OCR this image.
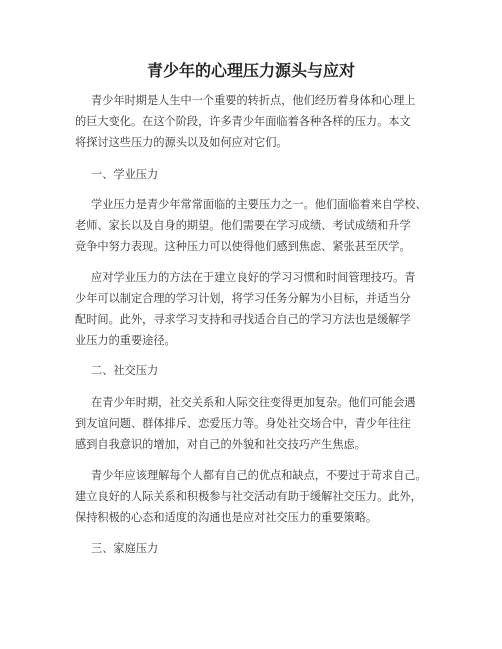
青少年的心理压力源头与应对
青少年时期是人生中一个重要的转折点，他们经历着身体和心理上
的巨大变化。在这个阶段，许多青少年面临着各种各样的压力。本文
将探讨这些压力的源头以及如何应对它们。
一、学业压力
学业压力是青少年常常面临的主要压力之一。他们面临着来自学校、
老师、家长以及自身的期望。他们需要在学习成绩、考试成绩和升学
竞争中努力表现。这种压力可以使得他们感到焦虑、紧张甚至厌学。
应对学业压力的方法在于建立良好的学习习惯和时间管理技巧。青
少年可以制定合理的学习计划，将学习任务分解为小目标，并适当分
配时间。此外，寻求学习支持和寻找适合自己的学习方法也是缓解学
业压力的重要途径。
二、社交压力
在青少年时期，社交关系和人际交往变得更加复杂。他们可能会遇
到友谊问题、群体排斥、恋爱压力等。身处社交场合中，青少年往往
感到自我意识的增加，对自己的外貌和社交技巧产生焦虑。
青少年应该理解每个人都有自己的优点和缺点，不要过于苛求自己。
建立良好的人际关系和积极参与社交活动有助于缓解社交压力。此外，
保持积极的心态和适度的沟通也是应对社交压力的重要策略。
三、家庭压力
